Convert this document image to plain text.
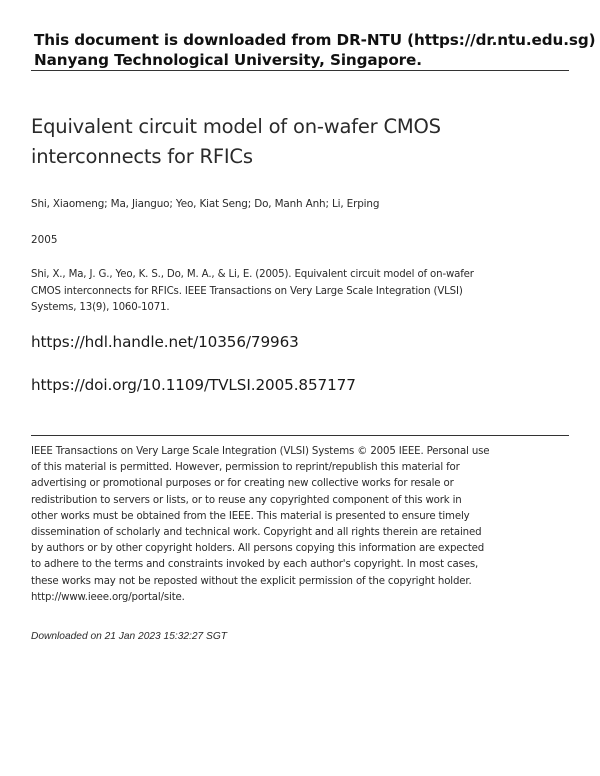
This document is downloaded from DR-NTU (https://dr.ntu.edu.sg)
Nanyang Technological University, Singapore.
Equivalent circuit model of on-wafer CMOS interconnects for RFICs
Shi, Xiaomeng; Ma, Jianguo; Yeo, Kiat Seng; Do, Manh Anh; Li, Erping
2005
Shi, X., Ma, J. G., Yeo, K. S., Do, M. A., & Li, E. (2005). Equivalent circuit model of on-wafer CMOS interconnects for RFICs. IEEE Transactions on Very Large Scale Integration (VLSI) Systems, 13(9), 1060-1071.
https://hdl.handle.net/10356/79963
https://doi.org/10.1109/TVLSI.2005.857177
IEEE Transactions on Very Large Scale Integration (VLSI) Systems © 2005 IEEE. Personal use
of this material is permitted. However, permission to reprint/republish this material for
advertising or promotional purposes or for creating new collective works for resale or
redistribution to servers or lists, or to reuse any copyrighted component of this work in
other works must be obtained from the IEEE. This material is presented to ensure timely
dissemination of scholarly and technical work. Copyright and all rights therein are retained
by authors or by other copyright holders. All persons copying this information are expected
to adhere to the terms and constraints invoked by each author's copyright. In most cases,
these works may not be reposted without the explicit permission of the copyright holder.
http://www.ieee.org/portal/site.
Downloaded on 21 Jan 2023 15:32:27 SGT
